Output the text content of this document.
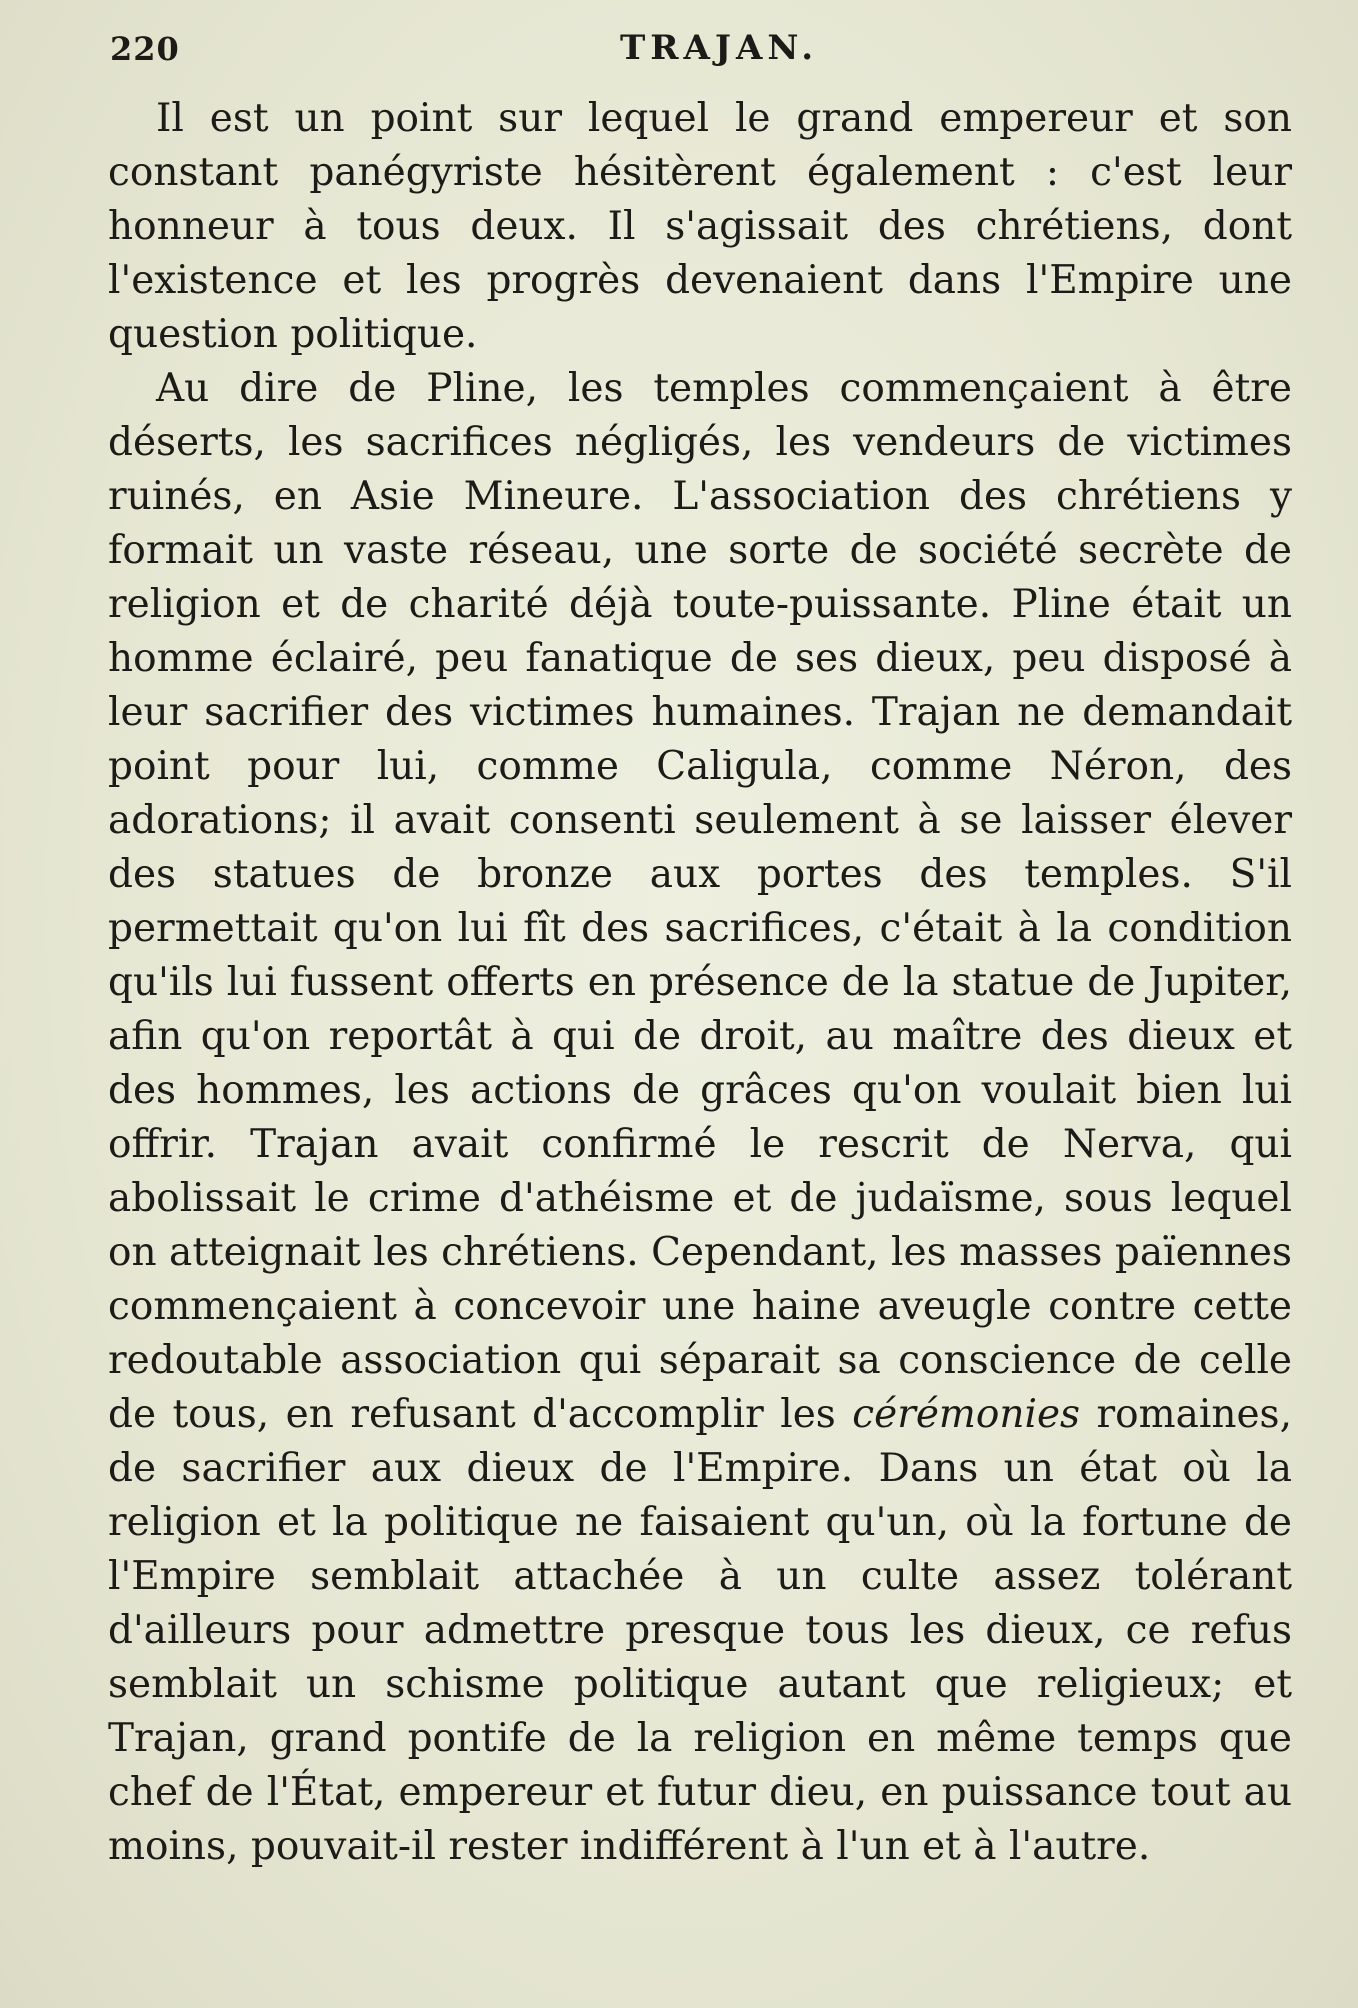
220	TRAJAN.

Il est un point sur lequel le grand empereur et son constant panégyriste hésitèrent également : c'est leur honneur à tous deux. Il s'agissait des chrétiens, dont l'existence et les progrès devenaient dans l'Empire une question politique.

Au dire de Pline, les temples commençaient à être déserts, les sacrifices négligés, les vendeurs de victimes ruinés, en Asie Mineure. L'association des chrétiens y formait un vaste réseau, une sorte de société secrète de religion et de charité déjà toute-puissante. Pline était un homme éclairé, peu fanatique de ses dieux, peu disposé à leur sacrifier des victimes humaines. Trajan ne demandait point pour lui, comme Caligula, comme Néron, des adorations; il avait consenti seulement à se laisser élever des statues de bronze aux portes des temples. S'il permettait qu'on lui fît des sacrifices, c'était à la condition qu'ils lui fussent offerts en présence de la statue de Jupiter, afin qu'on reportât à qui de droit, au maître des dieux et des hommes, les actions de grâces qu'on voulait bien lui offrir. Trajan avait confirmé le rescrit de Nerva, qui abolissait le crime d'athéisme et de judaïsme, sous lequel on atteignait les chrétiens. Cependant, les masses païennes commençaient à concevoir une haine aveugle contre cette redoutable association qui séparait sa conscience de celle de tous, en refusant d'accomplir les cérémonies romaines, de sacrifier aux dieux de l'Empire. Dans un état où la religion et la politique ne faisaient qu'un, où la fortune de l'Empire semblait attachée à un culte assez tolérant d'ailleurs pour admettre presque tous les dieux, ce refus semblait un schisme politique autant que religieux; et Trajan, grand pontife de la religion en même temps que chef de l'État, empereur et futur dieu, en puissance tout au moins, pouvait-il rester indifférent à l'un et à l'autre.
